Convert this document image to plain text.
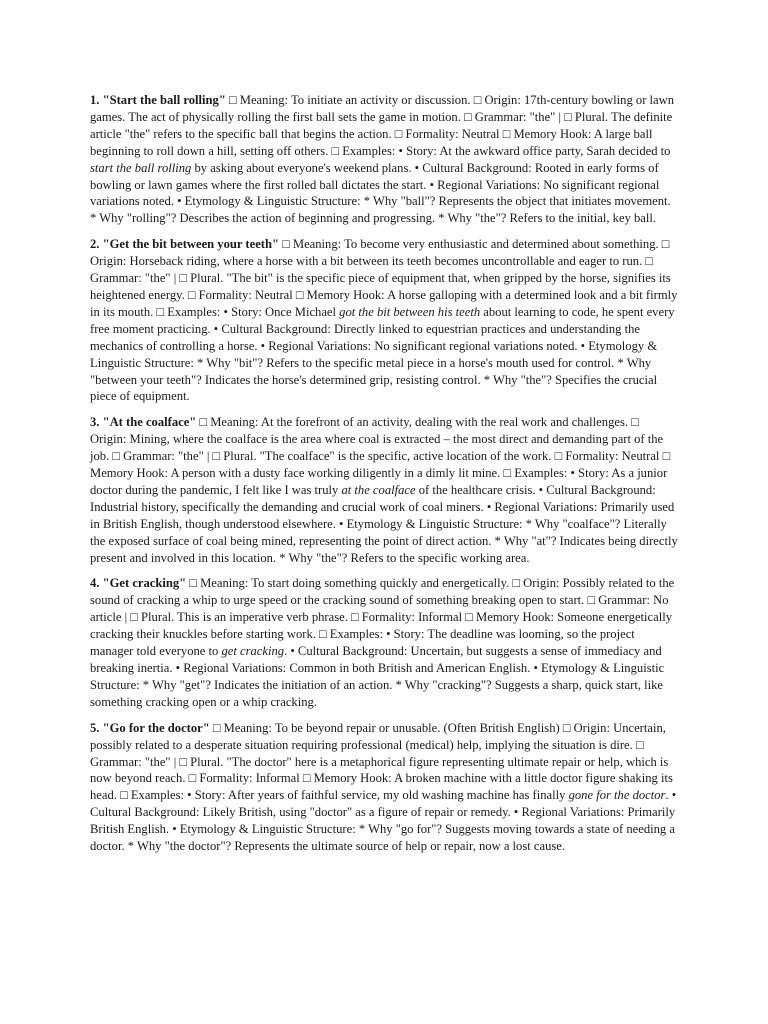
1. "Start the ball rolling" □ Meaning: To initiate an activity or discussion. □ Origin: 17th-century bowling or lawn games. The act of physically rolling the first ball sets the game in motion. □ Grammar: "the" | □ Plural. The definite article "the" refers to the specific ball that begins the action. □ Formality: Neutral □ Memory Hook: A large ball beginning to roll down a hill, setting off others. □ Examples: • Story: At the awkward office party, Sarah decided to start the ball rolling by asking about everyone's weekend plans. • Cultural Background: Rooted in early forms of bowling or lawn games where the first rolled ball dictates the start. • Regional Variations: No significant regional variations noted. • Etymology & Linguistic Structure: * Why "ball"? Represents the object that initiates movement. * Why "rolling"? Describes the action of beginning and progressing. * Why "the"? Refers to the initial, key ball.

2. "Get the bit between your teeth" □ Meaning: To become very enthusiastic and determined about something. □ Origin: Horseback riding, where a horse with a bit between its teeth becomes uncontrollable and eager to run. □ Grammar: "the" | □ Plural. "The bit" is the specific piece of equipment that, when gripped by the horse, signifies its heightened energy. □ Formality: Neutral □ Memory Hook: A horse galloping with a determined look and a bit firmly in its mouth. □ Examples: • Story: Once Michael got the bit between his teeth about learning to code, he spent every free moment practicing. • Cultural Background: Directly linked to equestrian practices and understanding the mechanics of controlling a horse. • Regional Variations: No significant regional variations noted. • Etymology & Linguistic Structure: * Why "bit"? Refers to the specific metal piece in a horse's mouth used for control. * Why "between your teeth"? Indicates the horse's determined grip, resisting control. * Why "the"? Specifies the crucial piece of equipment.

3. "At the coalface" □ Meaning: At the forefront of an activity, dealing with the real work and challenges. □ Origin: Mining, where the coalface is the area where coal is extracted – the most direct and demanding part of the job. □ Grammar: "the" | □ Plural. "The coalface" is the specific, active location of the work. □ Formality: Neutral □ Memory Hook: A person with a dusty face working diligently in a dimly lit mine. □ Examples: • Story: As a junior doctor during the pandemic, I felt like I was truly at the coalface of the healthcare crisis. • Cultural Background: Industrial history, specifically the demanding and crucial work of coal miners. • Regional Variations: Primarily used in British English, though understood elsewhere. • Etymology & Linguistic Structure: * Why "coalface"? Literally the exposed surface of coal being mined, representing the point of direct action. * Why "at"? Indicates being directly present and involved in this location. * Why "the"? Refers to the specific working area.

4. "Get cracking" □ Meaning: To start doing something quickly and energetically. □ Origin: Possibly related to the sound of cracking a whip to urge speed or the cracking sound of something breaking open to start. □ Grammar: No article | □ Plural. This is an imperative verb phrase. □ Formality: Informal □ Memory Hook: Someone energetically cracking their knuckles before starting work. □ Examples: • Story: The deadline was looming, so the project manager told everyone to get cracking. • Cultural Background: Uncertain, but suggests a sense of immediacy and breaking inertia. • Regional Variations: Common in both British and American English. • Etymology & Linguistic Structure: * Why "get"? Indicates the initiation of an action. * Why "cracking"? Suggests a sharp, quick start, like something cracking open or a whip cracking.

5. "Go for the doctor" □ Meaning: To be beyond repair or unusable. (Often British English) □ Origin: Uncertain, possibly related to a desperate situation requiring professional (medical) help, implying the situation is dire. □ Grammar: "the" | □ Plural. "The doctor" here is a metaphorical figure representing ultimate repair or help, which is now beyond reach. □ Formality: Informal □ Memory Hook: A broken machine with a little doctor figure shaking its head. □ Examples: • Story: After years of faithful service, my old washing machine has finally gone for the doctor. • Cultural Background: Likely British, using "doctor" as a figure of repair or remedy. • Regional Variations: Primarily British English. • Etymology & Linguistic Structure: * Why "go for"? Suggests moving towards a state of needing a doctor. * Why "the doctor"? Represents the ultimate source of help or repair, now a lost cause.
